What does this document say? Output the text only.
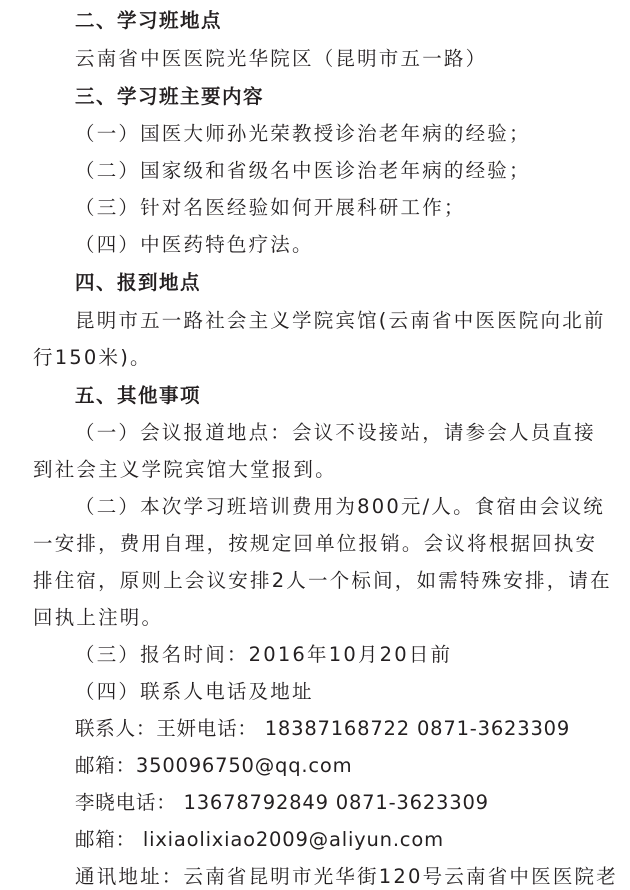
二、学习班地点
云南省中医医院光华院区（昆明市五一路）
三、学习班主要内容
（一）国医大师孙光荣教授诊治老年病的经验；
（二）国家级和省级名中医诊治老年病的经验；
（三）针对名医经验如何开展科研工作；
（四）中医药特色疗法。
四、报到地点
昆明市五一路社会主义学院宾馆(云南省中医医院向北前
行150米)。
五、其他事项
（一）会议报道地点：会议不设接站，请参会人员直接
到社会主义学院宾馆大堂报到。
（二）本次学习班培训费用为800元/人。食宿由会议统
一安排，费用自理，按规定回单位报销。会议将根据回执安
排住宿，原则上会议安排2人一个标间，如需特殊安排，请在
回执上注明。
（三）报名时间：2016年10月20日前
（四）联系人电话及地址
联系人：王妍电话： 18387168722 0871-3623309
邮箱：350096750@qq.com
李晓电话： 13678792849 0871-3623309
邮箱： lixiaolixiao2009@aliyun.com
通讯地址：云南省昆明市光华街120号云南省中医医院老
